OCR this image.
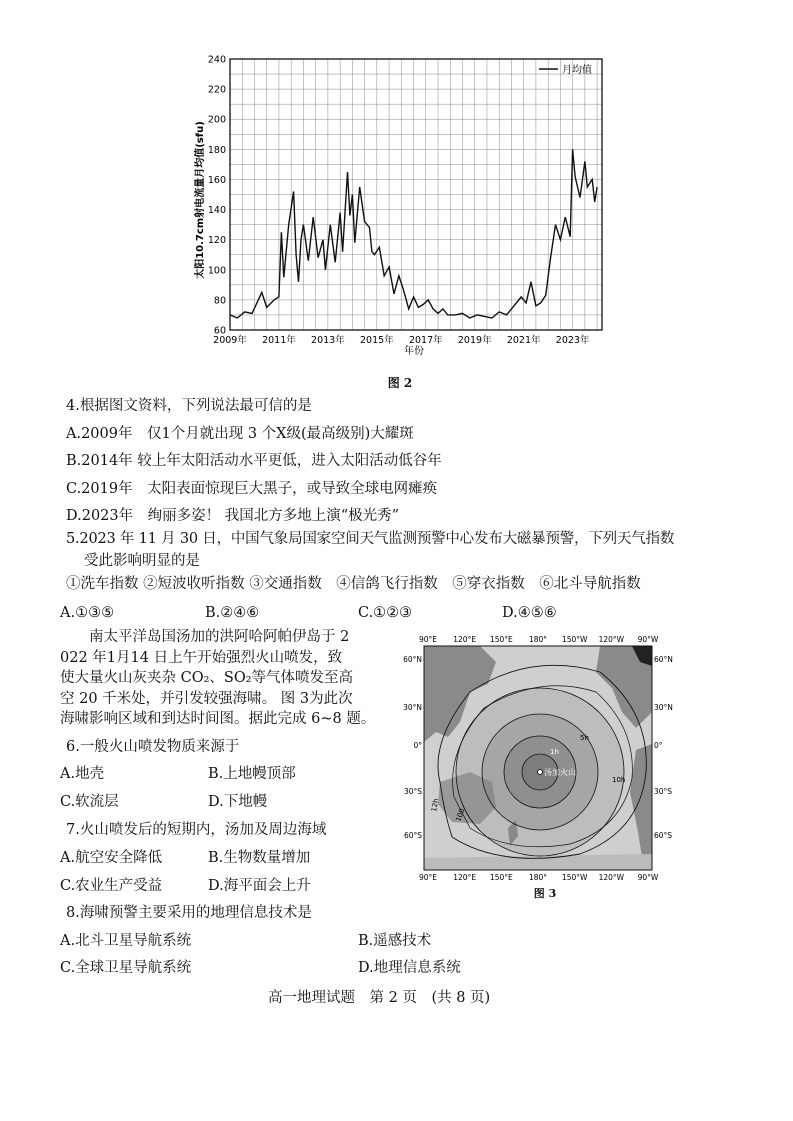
240
220
200
180
160
140
120
100
80
60
2009年 2011年 2013年 2015年 2017年 2019年 2021年 2023年
月均值
年份
太阳10.7cm射电流量月均值(sfu)
图 2
4.根据图文资料，下列说法最可信的是
A.2009年　仅1个月就出现 3 个X级(最高级别)大耀斑
B.2014年 较上年太阳活动水平更低，进入太阳活动低谷年
C.2019年　太阳表面惊现巨大黑子，或导致全球电网瘫痪
D.2023年　绚丽多姿！ 我国北方多地上演“极光秀”
5.2023 年 11 月 30 日，中国气象局国家空间天气监测预警中心发布大磁暴预警，下列天气指数
受此影响明显的是
①洗车指数 ②短波收听指数 ③交通指数　④信鸽飞行指数　⑤穿衣指数　⑥北斗导航指数
A.①③⑤	B.②④⑥	C.①②③	D.④⑤⑥
　　南太平洋岛国汤加的洪阿哈阿帕伊岛于 2
022 年1月14 日上午开始强烈火山喷发，致
使大量火山灰夹杂 CO₂、SO₂等气体喷发至高
空 20 千米处，并引发较强海啸。 图 3为此次
海啸影响区域和到达时间图。据此完成 6~8 题。
6.一般火山喷发物质来源于
A.地壳	B.上地幔顶部
C.软流层	D.下地幔
7.火山喷发后的短期内，汤加及周边海域
A.航空安全降低	B.生物数量增加
C.农业生产受益	D.海平面会上升
汤加火山
12h
1h
10h
5h
100
90°E 120°E 150°E 180° 150°W 120°W 90°W
90°E 120°E 150°E 180° 150°W 120°W 90°W
60°N
30°N
0°
30°S
60°S
60°N
30°N
0°
30°S
60°S
图 3
8.海啸预警主要采用的地理信息技术是
A.北斗卫星导航系统	B.遥感技术
C.全球卫星导航系统	D.地理信息系统
高一地理试题　第 2 页　(共 8 页)
